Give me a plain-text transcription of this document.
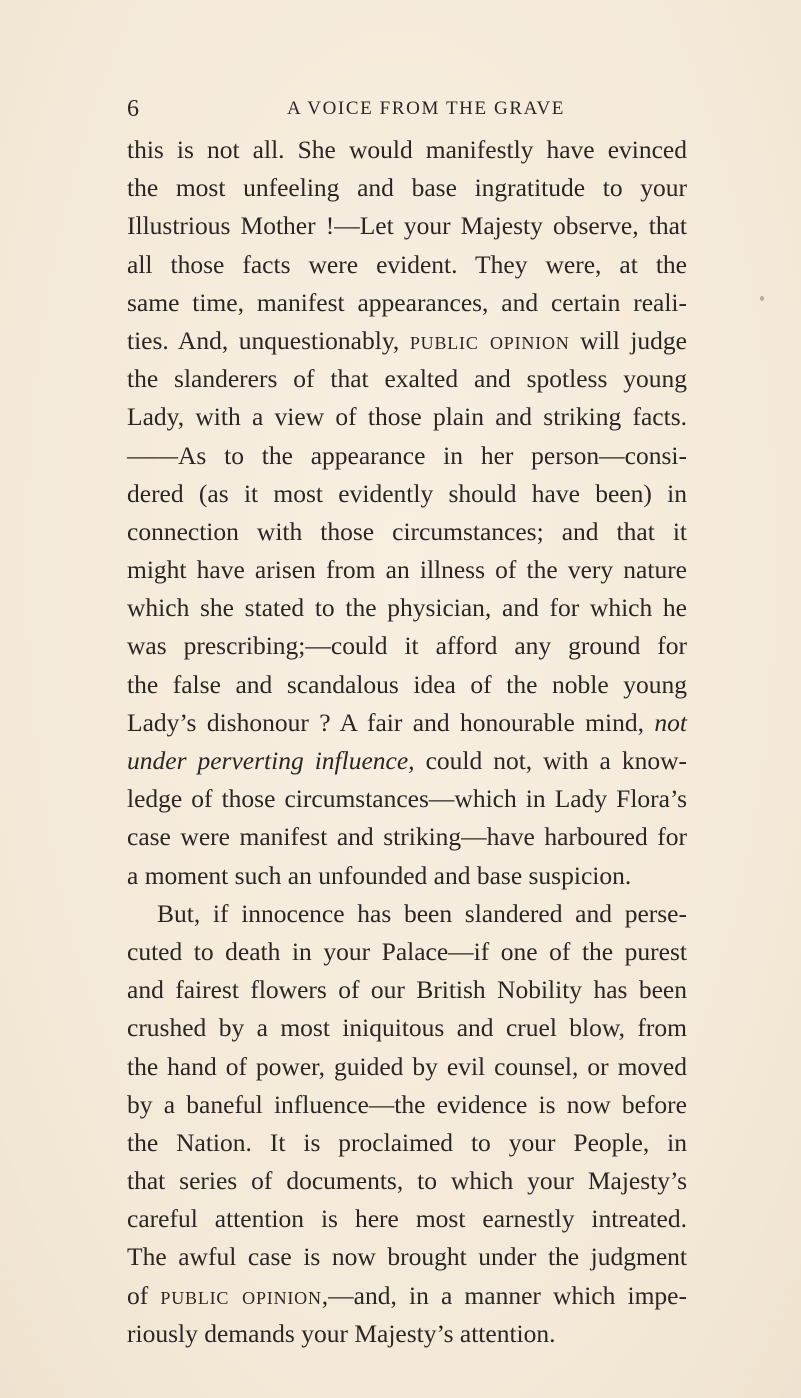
6	A VOICE FROM THE GRAVE
this is not all. She would manifestly have evinced
the most unfeeling and base ingratitude to your
Illustrious Mother !—Let your Majesty observe, that
all those facts were evident. They were, at the
same time, manifest appearances, and certain reali-
ties. And, unquestionably, public opinion will judge
the slanderers of that exalted and spotless young
Lady, with a view of those plain and striking facts.
——As to the appearance in her person—consi-
dered (as it most evidently should have been) in
connection with those circumstances; and that it
might have arisen from an illness of the very nature
which she stated to the physician, and for which he
was prescribing;—could it afford any ground for
the false and scandalous idea of the noble young
Lady’s dishonour ? A fair and honourable mind, not
under perverting influence, could not, with a know-
ledge of those circumstances—which in Lady Flora’s
case were manifest and striking—have harboured for
a moment such an unfounded and base suspicion.
But, if innocence has been slandered and perse-
cuted to death in your Palace—if one of the purest
and fairest flowers of our British Nobility has been
crushed by a most iniquitous and cruel blow, from
the hand of power, guided by evil counsel, or moved
by a baneful influence—the evidence is now before
the Nation. It is proclaimed to your People, in
that series of documents, to which your Majesty’s
careful attention is here most earnestly intreated.
The awful case is now brought under the judgment
of public opinion,—and, in a manner which impe-
riously demands your Majesty’s attention.
